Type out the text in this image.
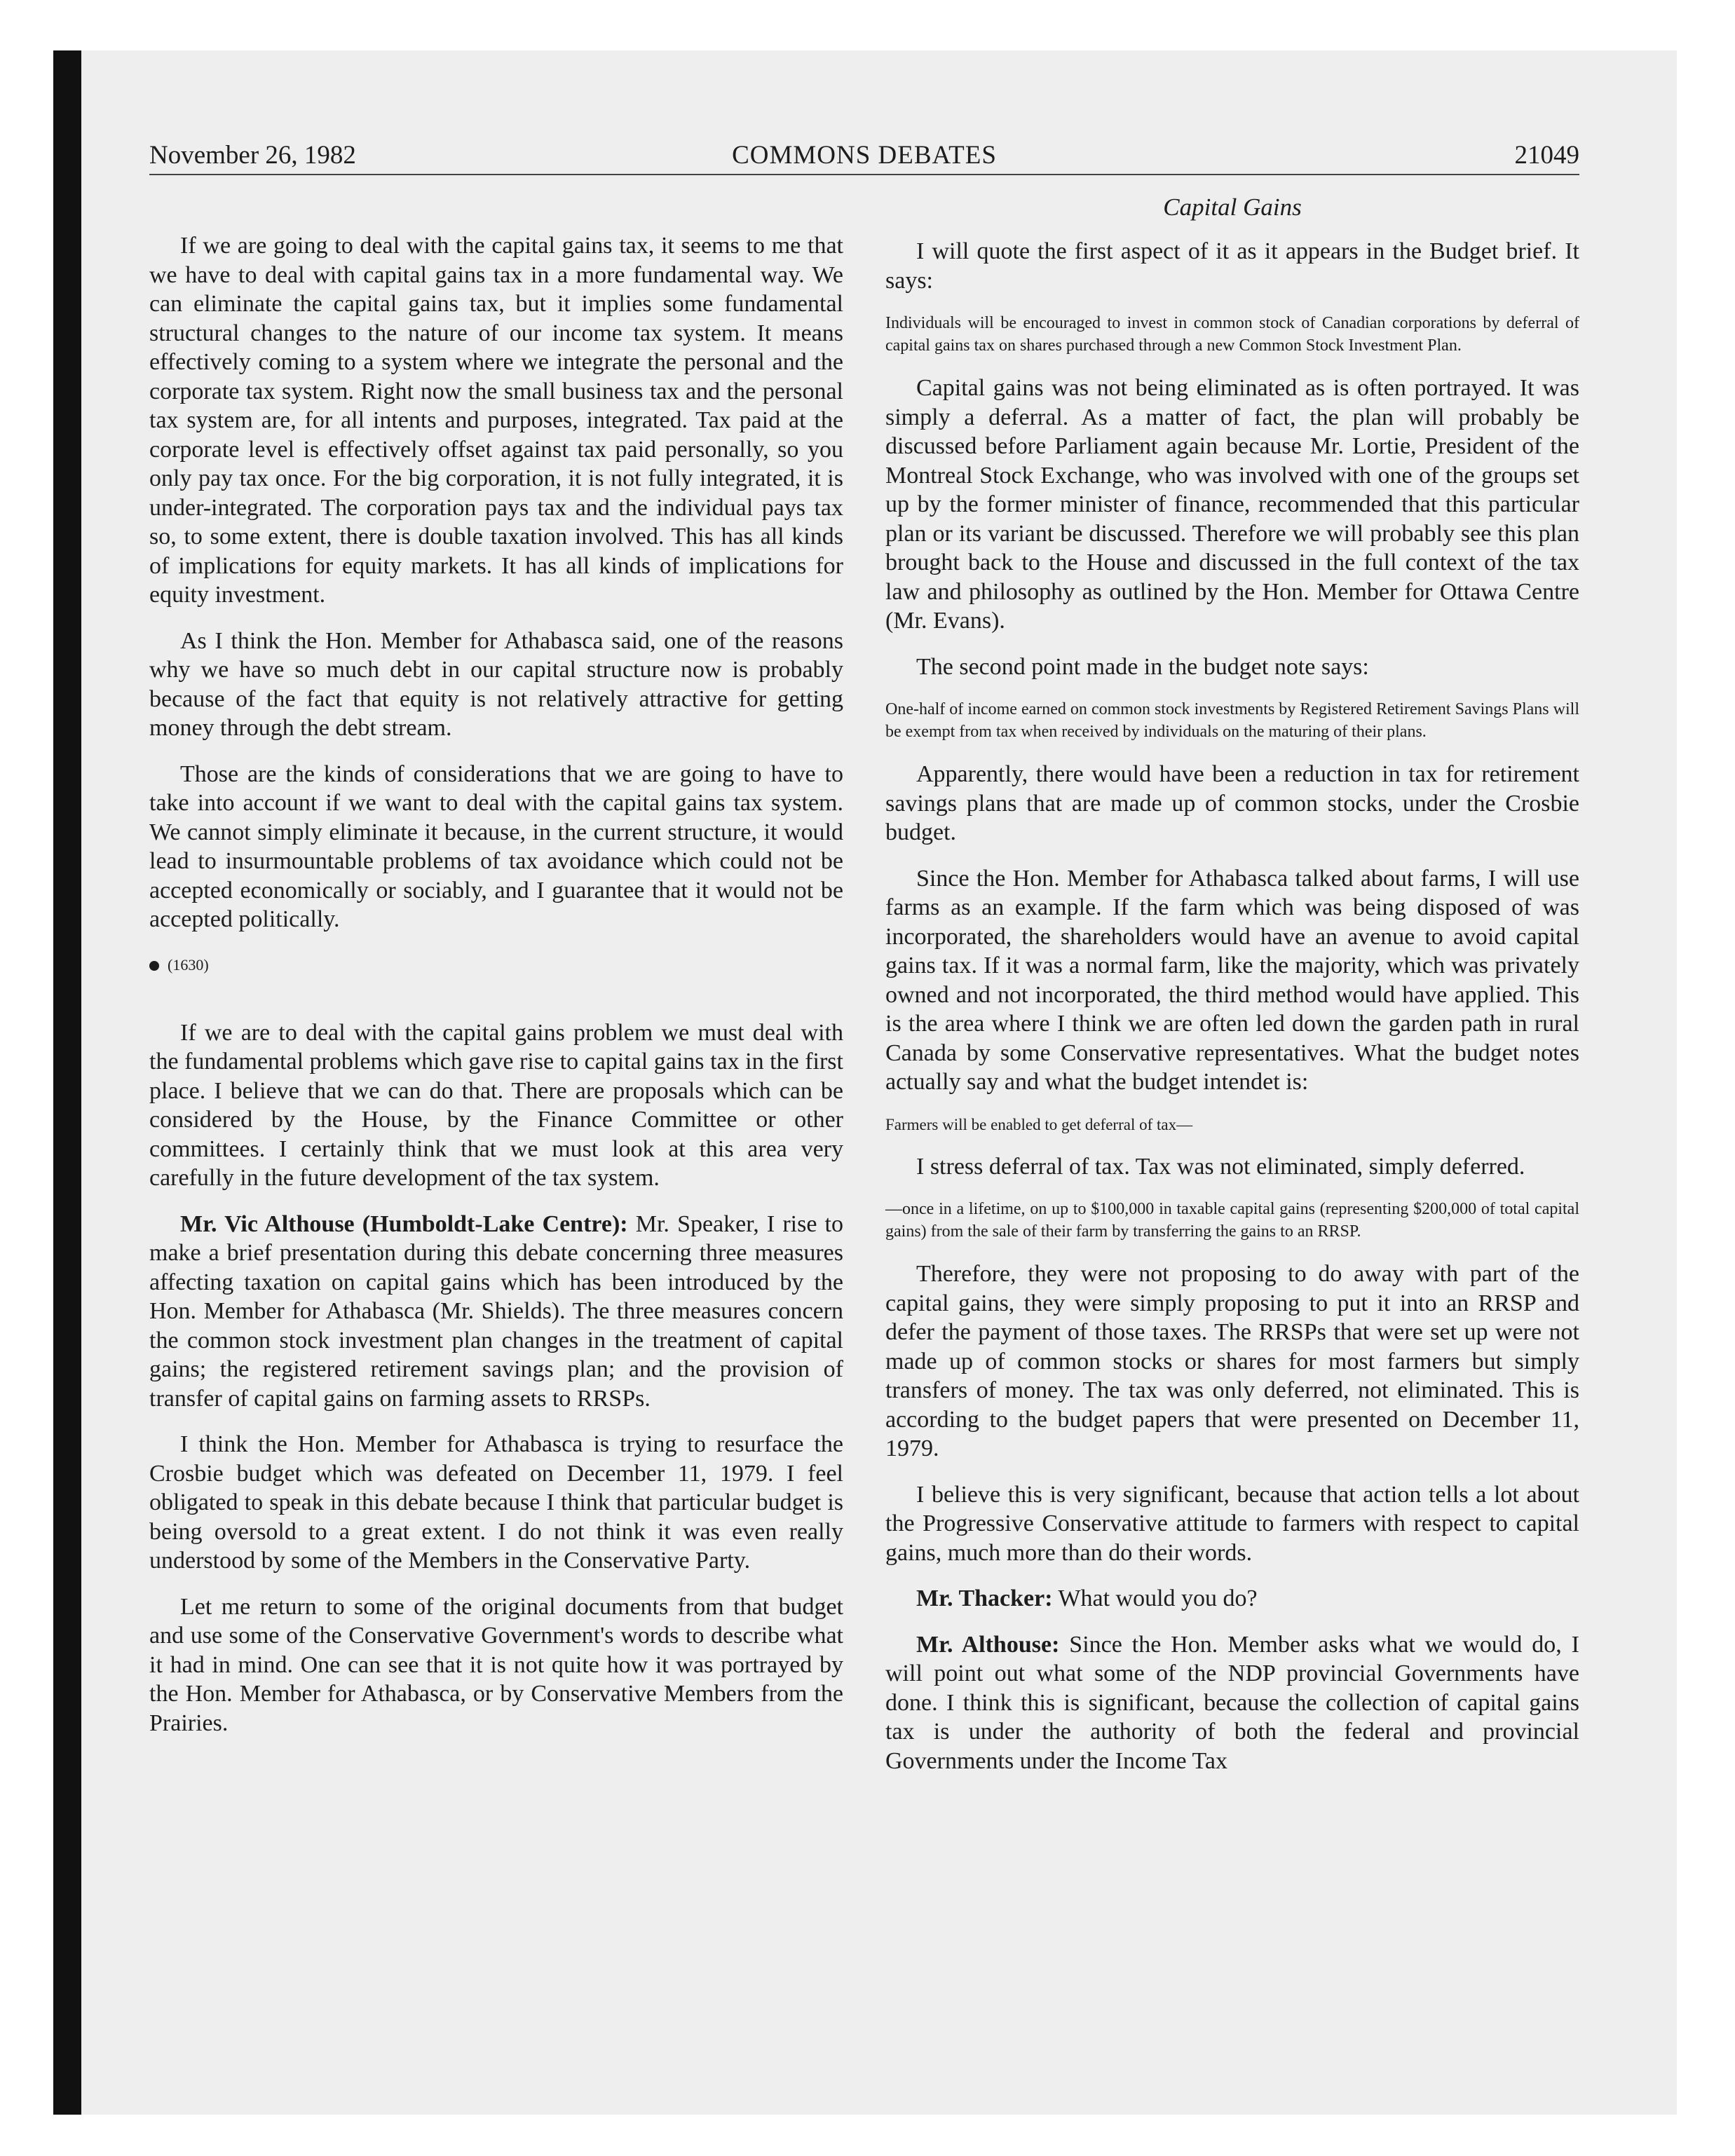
November 26, 1982	COMMONS DEBATES	21049
Capital Gains

If we are going to deal with the capital gains tax, it seems to me that we have to deal with capital gains tax in a more fundamental way. We can eliminate the capital gains tax, but it implies some fundamental structural changes to the nature of our income tax system. It means effectively coming to a system where we integrate the personal and the corporate tax system. Right now the small business tax and the personal tax system are, for all intents and purposes, integrated. Tax paid at the corporate level is effectively offset against tax paid personally, so you only pay tax once. For the big corporation, it is not fully integrated, it is under-integrated. The corporation pays tax and the individual pays tax so, to some extent, there is double taxation involved. This has all kinds of implications for equity markets. It has all kinds of implications for equity investment.

As I think the Hon. Member for Athabasca said, one of the reasons why we have so much debt in our capital structure now is probably because of the fact that equity is not relatively attractive for getting money through the debt stream.

Those are the kinds of considerations that we are going to have to take into account if we want to deal with the capital gains tax system. We cannot simply eliminate it because, in the current structure, it would lead to insurmountable problems of tax avoidance which could not be accepted economically or sociably, and I guarantee that it would not be accepted politically.

(1630)

If we are to deal with the capital gains problem we must deal with the fundamental problems which gave rise to capital gains tax in the first place. I believe that we can do that. There are proposals which can be considered by the House, by the Finance Committee or other committees. I certainly think that we must look at this area very carefully in the future development of the tax system.

Mr. Vic Althouse (Humboldt-Lake Centre): Mr. Speaker, I rise to make a brief presentation during this debate concerning three measures affecting taxation on capital gains which has been introduced by the Hon. Member for Athabasca (Mr. Shields). The three measures concern the common stock investment plan changes in the treatment of capital gains; the registered retirement savings plan; and the provision of transfer of capital gains on farming assets to RRSPs.

I think the Hon. Member for Athabasca is trying to resurface the Crosbie budget which was defeated on December 11, 1979. I feel obligated to speak in this debate because I think that particular budget is being oversold to a great extent. I do not think it was even really understood by some of the Members in the Conservative Party.

Let me return to some of the original documents from that budget and use some of the Conservative Government's words to describe what it had in mind. One can see that it is not quite how it was portrayed by the Hon. Member for Athabasca, or by Conservative Members from the Prairies.

I will quote the first aspect of it as it appears in the Budget brief. It says:

Individuals will be encouraged to invest in common stock of Canadian corporations by deferral of capital gains tax on shares purchased through a new Common Stock Investment Plan.

Capital gains was not being eliminated as is often portrayed. It was simply a deferral. As a matter of fact, the plan will probably be discussed before Parliament again because Mr. Lortie, President of the Montreal Stock Exchange, who was involved with one of the groups set up by the former minister of finance, recommended that this particular plan or its variant be discussed. Therefore we will probably see this plan brought back to the House and discussed in the full context of the tax law and philosophy as outlined by the Hon. Member for Ottawa Centre (Mr. Evans).

The second point made in the budget note says:

One-half of income earned on common stock investments by Registered Retirement Savings Plans will be exempt from tax when received by individuals on the maturing of their plans.

Apparently, there would have been a reduction in tax for retirement savings plans that are made up of common stocks, under the Crosbie budget.

Since the Hon. Member for Athabasca talked about farms, I will use farms as an example. If the farm which was being disposed of was incorporated, the shareholders would have an avenue to avoid capital gains tax. If it was a normal farm, like the majority, which was privately owned and not incorporated, the third method would have applied. This is the area where I think we are often led down the garden path in rural Canada by some Conservative representatives. What the budget notes actually say and what the budget intendet is:

Farmers will be enabled to get deferral of tax—

I stress deferral of tax. Tax was not eliminated, simply deferred.

—once in a lifetime, on up to $100,000 in taxable capital gains (representing $200,000 of total capital gains) from the sale of their farm by transferring the gains to an RRSP.

Therefore, they were not proposing to do away with part of the capital gains, they were simply proposing to put it into an RRSP and defer the payment of those taxes. The RRSPs that were set up were not made up of common stocks or shares for most farmers but simply transfers of money. The tax was only deferred, not eliminated. This is according to the budget papers that were presented on December 11, 1979.

I believe this is very significant, because that action tells a lot about the Progressive Conservative attitude to farmers with respect to capital gains, much more than do their words.

Mr. Thacker: What would you do?

Mr. Althouse: Since the Hon. Member asks what we would do, I will point out what some of the NDP provincial Governments have done. I think this is significant, because the collection of capital gains tax is under the authority of both the federal and provincial Governments under the Income Tax
